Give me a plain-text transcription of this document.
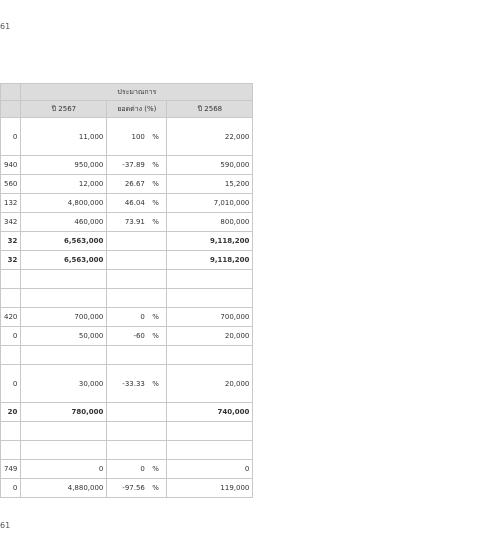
61
	ประมาณการ		
	ปี 2567	ยอดต่าง (%)	ปี 2568
0	11,000	100 %	22,000
940	950,000	-37.89 %	590,000
560	12,000	26.67 %	15,200
132	4,800,000	46.04 %	7,010,000
342	460,000	73.91 %	800,000
32	6,563,000		9,118,200
32	6,563,000		9,118,200

420	700,000	0 %	700,000
0	50,000	-60 %	20,000

0	30,000	-33.33 %	20,000
20	780,000		740,000

749	0	0 %	0
0	4,880,000	-97.56 %	119,000
61
